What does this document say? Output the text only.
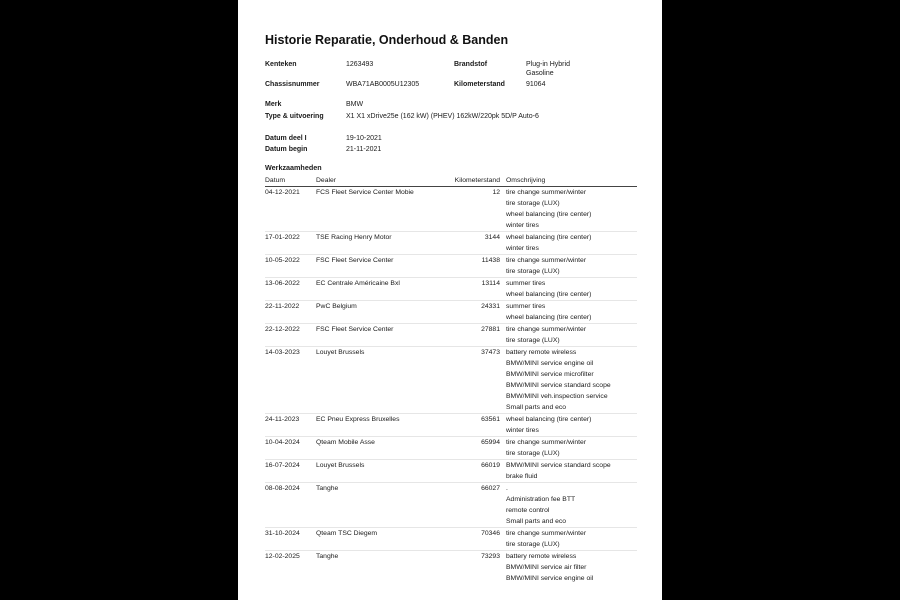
Historie Reparatie, Onderhoud & Banden
Kenteken	1263493	Brandstof	Plug-in Hybrid
Gasoline
Chassisnummer	WBA71AB0005U12305	Kilometerstand	91064
Merk	BMW
Type & uitvoering	X1 X1 xDrive25e (162 kW) (PHEV) 162kW/220pk 5D/P Auto-6
Datum deel I	19-10-2021
Datum begin	21-11-2021
Werkzaamheden
Datum	Dealer	Kilometerstand Omschrijving
04-12-2021 FCS Fleet Service Center Mobie	12 tire change summer/winter
tire storage (LUX)
wheel balancing (tire center)
winter tires
17-01-2022 TSE Racing Henry Motor	3144 wheel balancing (tire center)
winter tires
10-05-2022 FSC Fleet Service Center	11438 tire change summer/winter
tire storage (LUX)
13-06-2022 EC Centrale Américaine Bxl	13114 summer tires
wheel balancing (tire center)
22-11-2022 PwC Belgium	24331 summer tires
wheel balancing (tire center)
22-12-2022 FSC Fleet Service Center	27881 tire change summer/winter
tire storage (LUX)
14-03-2023 Louyet Brussels	37473 battery remote wireless
BMW/MINI service engine oil
BMW/MINI service microfilter
BMW/MINI service standard scope
BMW/MINI veh.inspection service
Small parts and eco
24-11-2023 EC Pneu Express Bruxelles	63561 wheel balancing (tire center)
winter tires
10-04-2024 Qteam Mobile Asse	65994 tire change summer/winter
tire storage (LUX)
16-07-2024 Louyet Brussels	66019 BMW/MINI service standard scope
brake fluid
08-08-2024 Tanghe	66027 .
Administration fee BTT
remote control
Small parts and eco
31-10-2024 Qteam TSC Diegem	70346 tire change summer/winter
tire storage (LUX)
12-02-2025 Tanghe	73293 battery remote wireless
BMW/MINI service air filter
BMW/MINI service engine oil
